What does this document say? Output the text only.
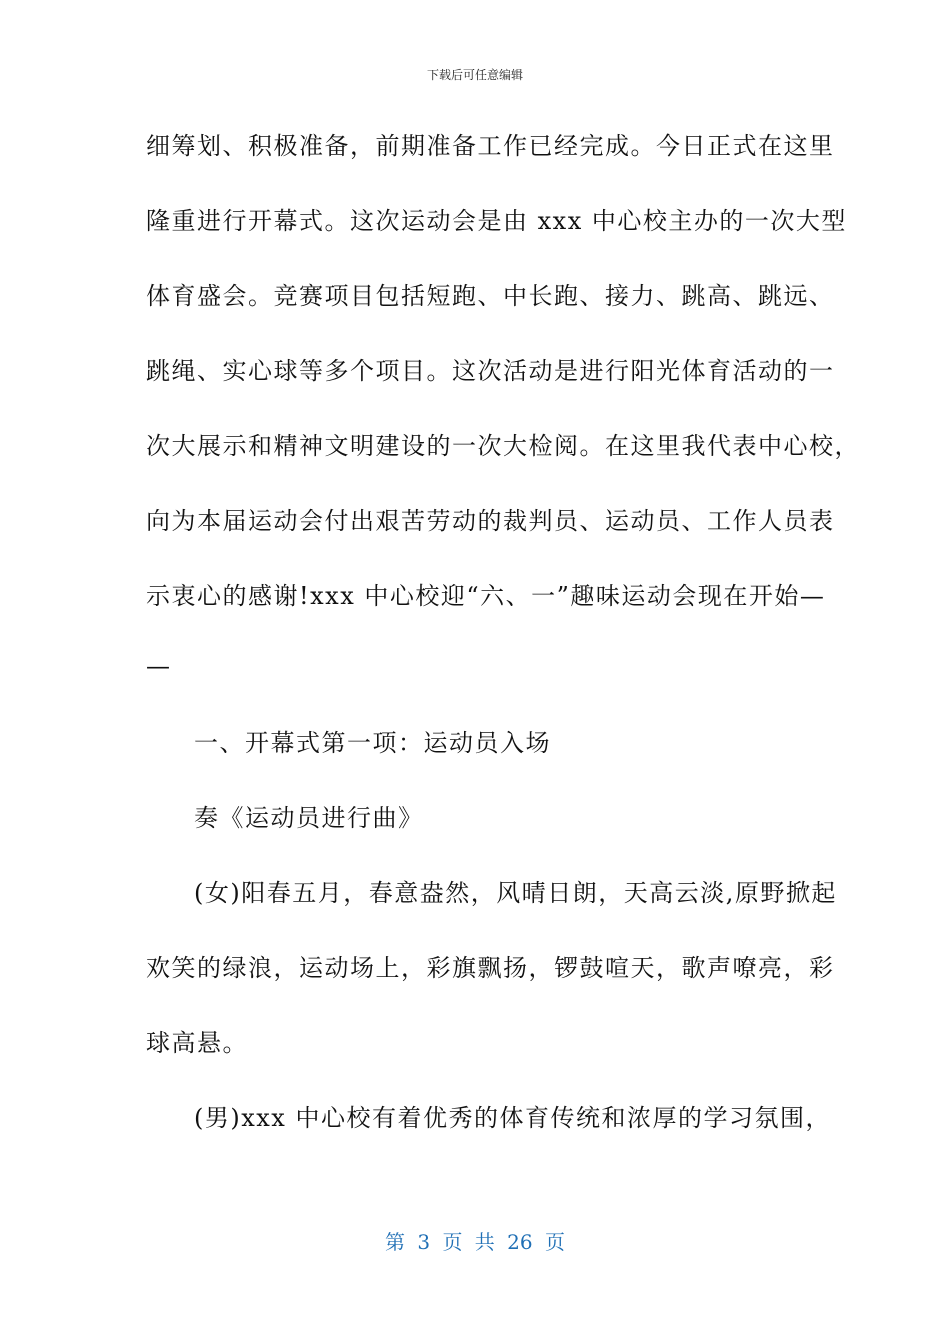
下载后可任意编辑
细筹划、积极准备，前期准备工作已经完成。今日正式在这里
隆重进行开幕式。这次运动会是由 xxx 中心校主办的一次大型
体育盛会。竞赛项目包括短跑、中长跑、接力、跳高、跳远、
跳绳、实心球等多个项目。这次活动是进行阳光体育活动的一
次大展示和精神文明建设的一次大检阅。在这里我代表中心校，
向为本届运动会付出艰苦劳动的裁判员、运动员、工作人员表
示衷心的感谢!xxx 中心校迎“六、一”趣味运动会现在开始—
—
一、开幕式第一项：运动员入场
奏《运动员进行曲》
(女)阳春五月，春意盎然，风晴日朗，天高云淡,原野掀起
欢笑的绿浪，运动场上，彩旗飘扬，锣鼓喧天，歌声嘹亮，彩
球高悬。
(男)xxx 中心校有着优秀的体育传统和浓厚的学习氛围，
第 3 页 共 26 页
